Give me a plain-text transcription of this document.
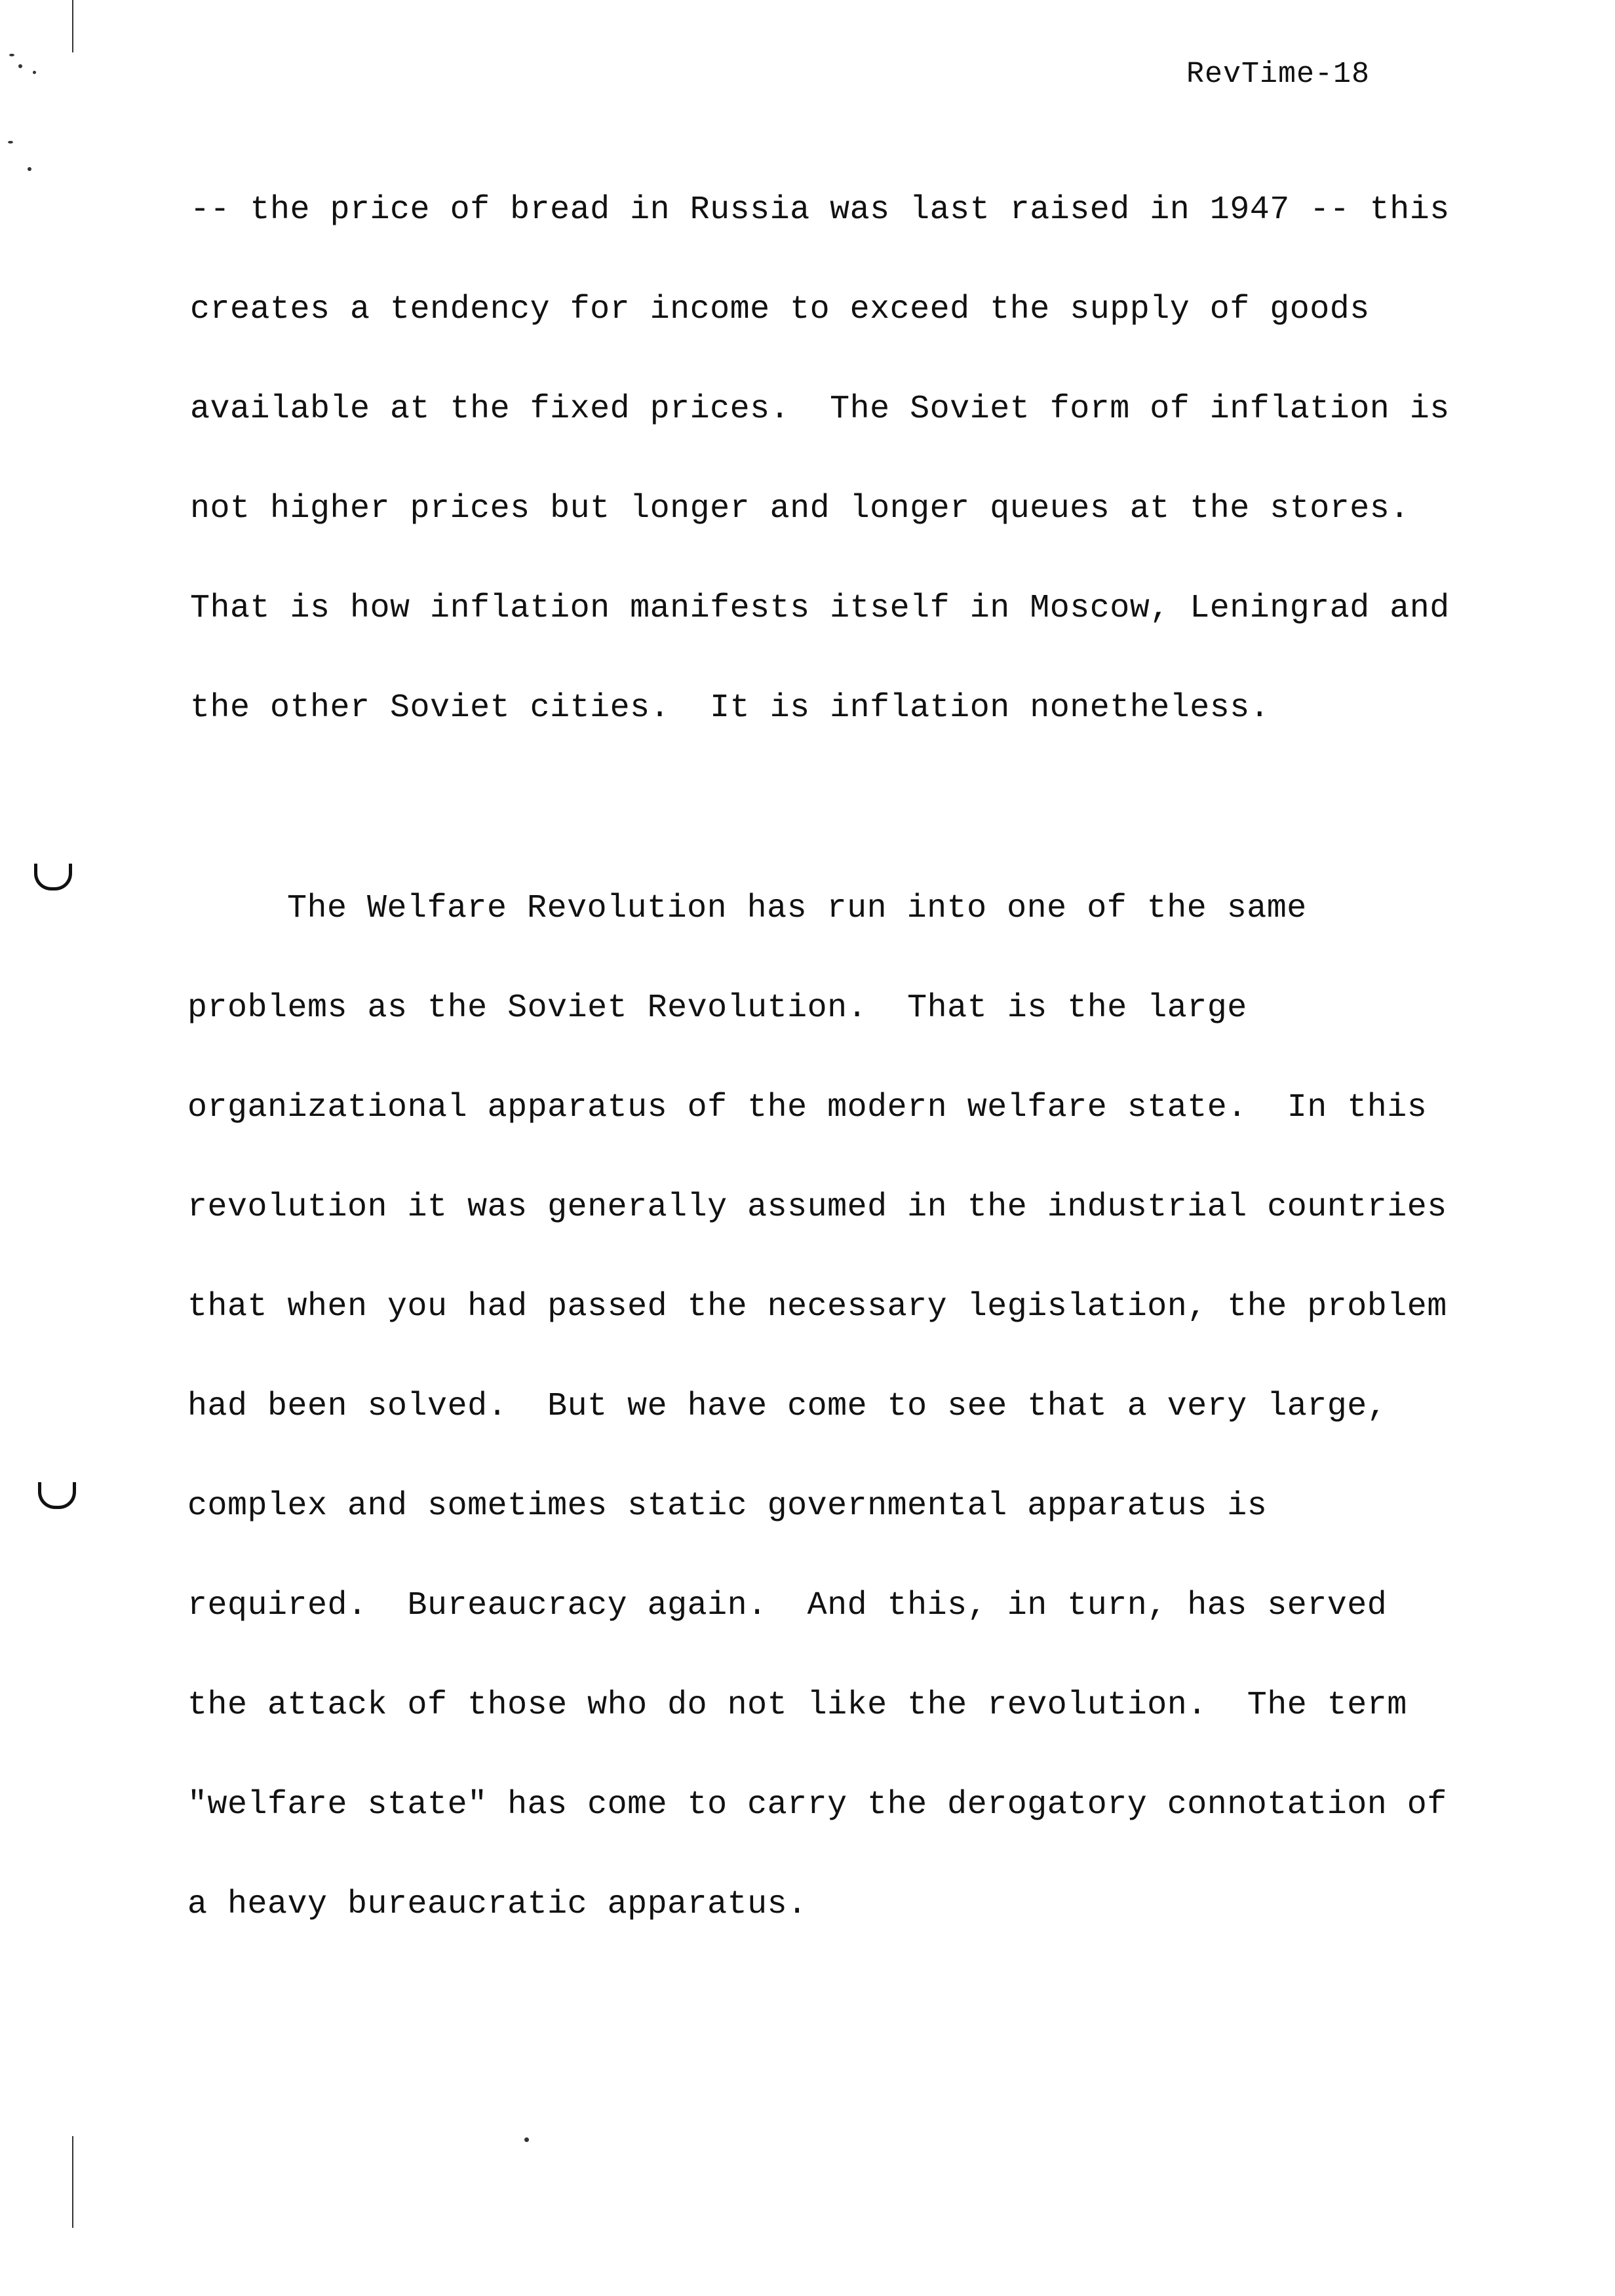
RevTime-18
-- the price of bread in Russia was last raised in 1947 -- this
creates a tendency for income to exceed the supply of goods
available at the fixed prices.  The Soviet form of inflation is
not higher prices but longer and longer queues at the stores.
That is how inflation manifests itself in Moscow, Leningrad and
the other Soviet cities.  It is inflation nonetheless.
The Welfare Revolution has run into one of the same
problems as the Soviet Revolution.  That is the large
organizational apparatus of the modern welfare state.  In this
revolution it was generally assumed in the industrial countries
that when you had passed the necessary legislation, the problem
had been solved.  But we have come to see that a very large,
complex and sometimes static governmental apparatus is
required.  Bureaucracy again.  And this, in turn, has served
the attack of those who do not like the revolution.  The term
"welfare state" has come to carry the derogatory connotation of
a heavy bureaucratic apparatus.
